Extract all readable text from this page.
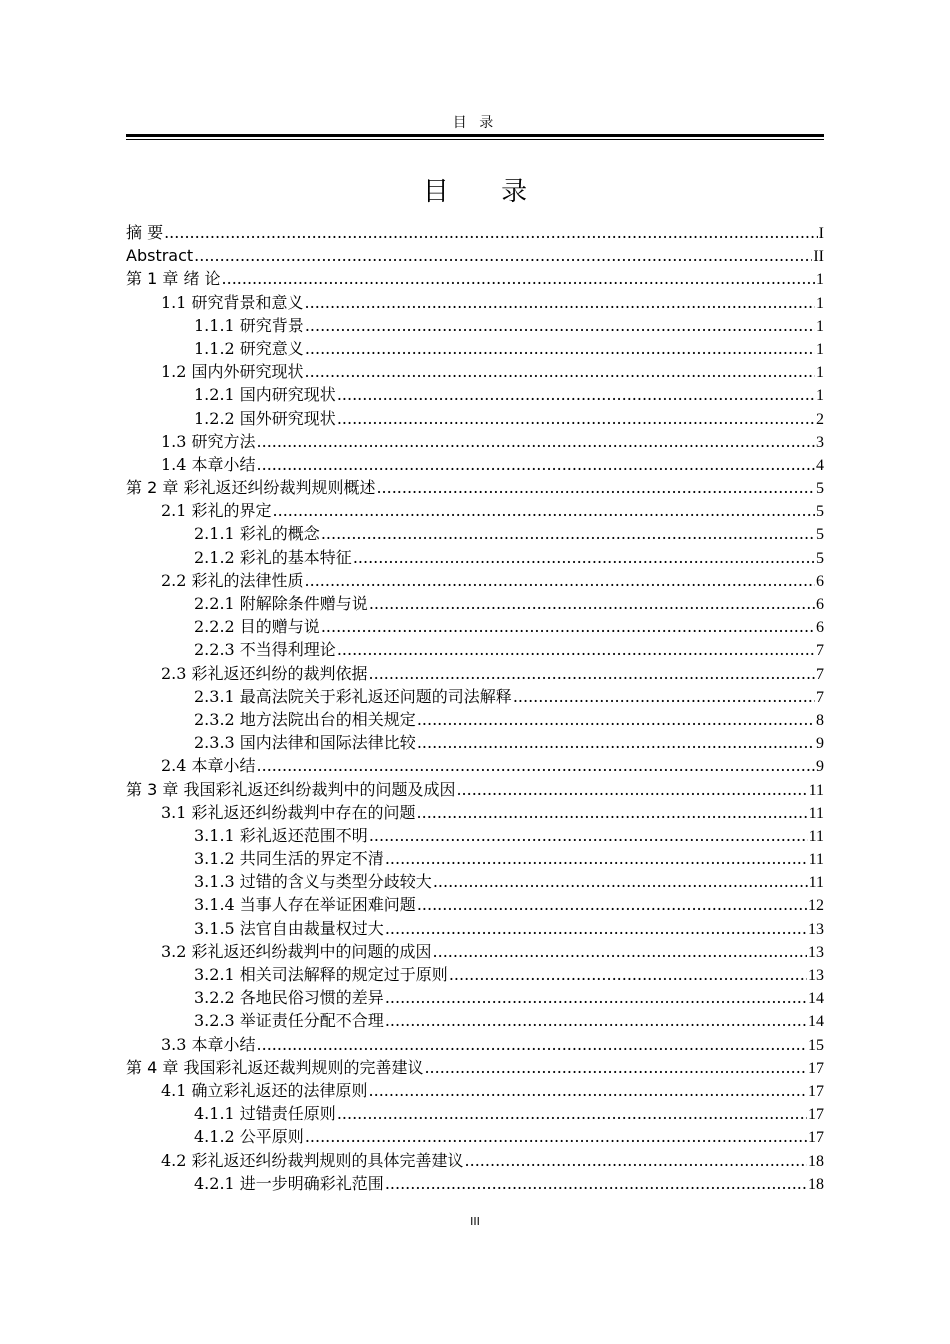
目 录
目 录
摘 要 .....	I
Abstract .....	II
第 1 章 绪 论 .....	1
1.1 研究背景和意义 .....	1
1.1.1 研究背景 .....	1
1.1.2 研究意义 .....	1
1.2 国内外研究现状 .....	1
1.2.1 国内研究现状 .....	1
1.2.2 国外研究现状 .....	2
1.3 研究方法 .....	3
1.4 本章小结 .....	4
第 2 章 彩礼返还纠纷裁判规则概述 .....	5
2.1 彩礼的界定 .....	5
2.1.1 彩礼的概念 .....	5
2.1.2 彩礼的基本特征 .....	5
2.2 彩礼的法律性质 .....	6
2.2.1 附解除条件赠与说 .....	6
2.2.2 目的赠与说 .....	6
2.2.3 不当得利理论 .....	7
2.3 彩礼返还纠纷的裁判依据 .....	7
2.3.1 最高法院关于彩礼返还问题的司法解释 .....	7
2.3.2 地方法院出台的相关规定 .....	8
2.3.3 国内法律和国际法律比较 .....	9
2.4 本章小结 .....	9
第 3 章 我国彩礼返还纠纷裁判中的问题及成因 .....	11
3.1 彩礼返还纠纷裁判中存在的问题 .....	11
3.1.1 彩礼返还范围不明 .....	11
3.1.2 共同生活的界定不清 .....	11
3.1.3 过错的含义与类型分歧较大 .....	11
3.1.4 当事人存在举证困难问题 .....	12
3.1.5 法官自由裁量权过大 .....	13
3.2 彩礼返还纠纷裁判中的问题的成因 .....	13
3.2.1 相关司法解释的规定过于原则 .....	13
3.2.2 各地民俗习惯的差异 .....	14
3.2.3 举证责任分配不合理 .....	14
3.3 本章小结 .....	15
第 4 章 我国彩礼返还裁判规则的完善建议 .....	17
4.1 确立彩礼返还的法律原则 .....	17
4.1.1 过错责任原则 .....	17
4.1.2 公平原则 .....	17
4.2 彩礼返还纠纷裁判规则的具体完善建议 .....	18
4.2.1 进一步明确彩礼范围 .....	18
III
